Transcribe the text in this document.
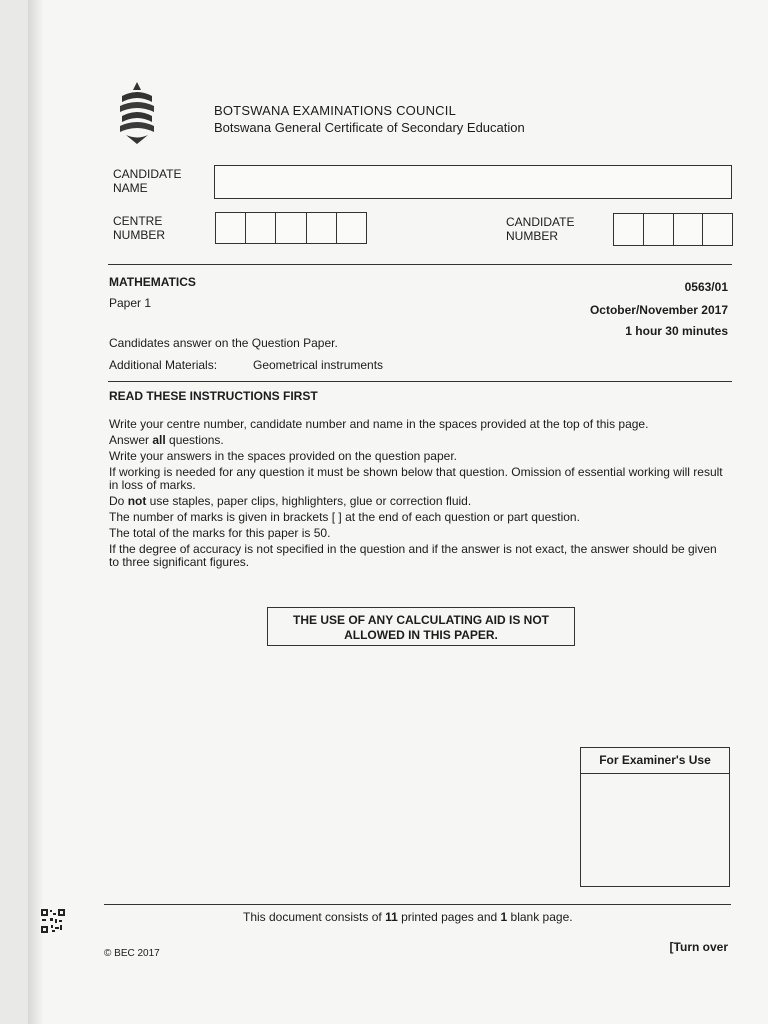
BOTSWANA EXAMINATIONS COUNCIL
Botswana General Certificate of Secondary Education
CANDIDATE
NAME
CENTRE
NUMBER
CANDIDATE
NUMBER
MATHEMATICS
Paper 1
0563/01
October/November 2017
1 hour 30 minutes
Candidates answer on the Question Paper.
Additional Materials:	Geometrical instruments
READ THESE INSTRUCTIONS FIRST
Write your centre number, candidate number and name in the spaces provided at the top of this page.
Answer all questions.
Write your answers in the spaces provided on the question paper.
If working is needed for any question it must be shown below that question. Omission of essential working will result in loss of marks.
Do not use staples, paper clips, highlighters, glue or correction fluid.
The number of marks is given in brackets [ ] at the end of each question or part question.
The total of the marks for this paper is 50.
If the degree of accuracy is not specified in the question and if the answer is not exact, the answer should be given to three significant figures.
THE USE OF ANY CALCULATING AID IS NOT
ALLOWED IN THIS PAPER.
For Examiner's Use
This document consists of 11 printed pages and 1 blank page.
© BEC 2017	[Turn over
